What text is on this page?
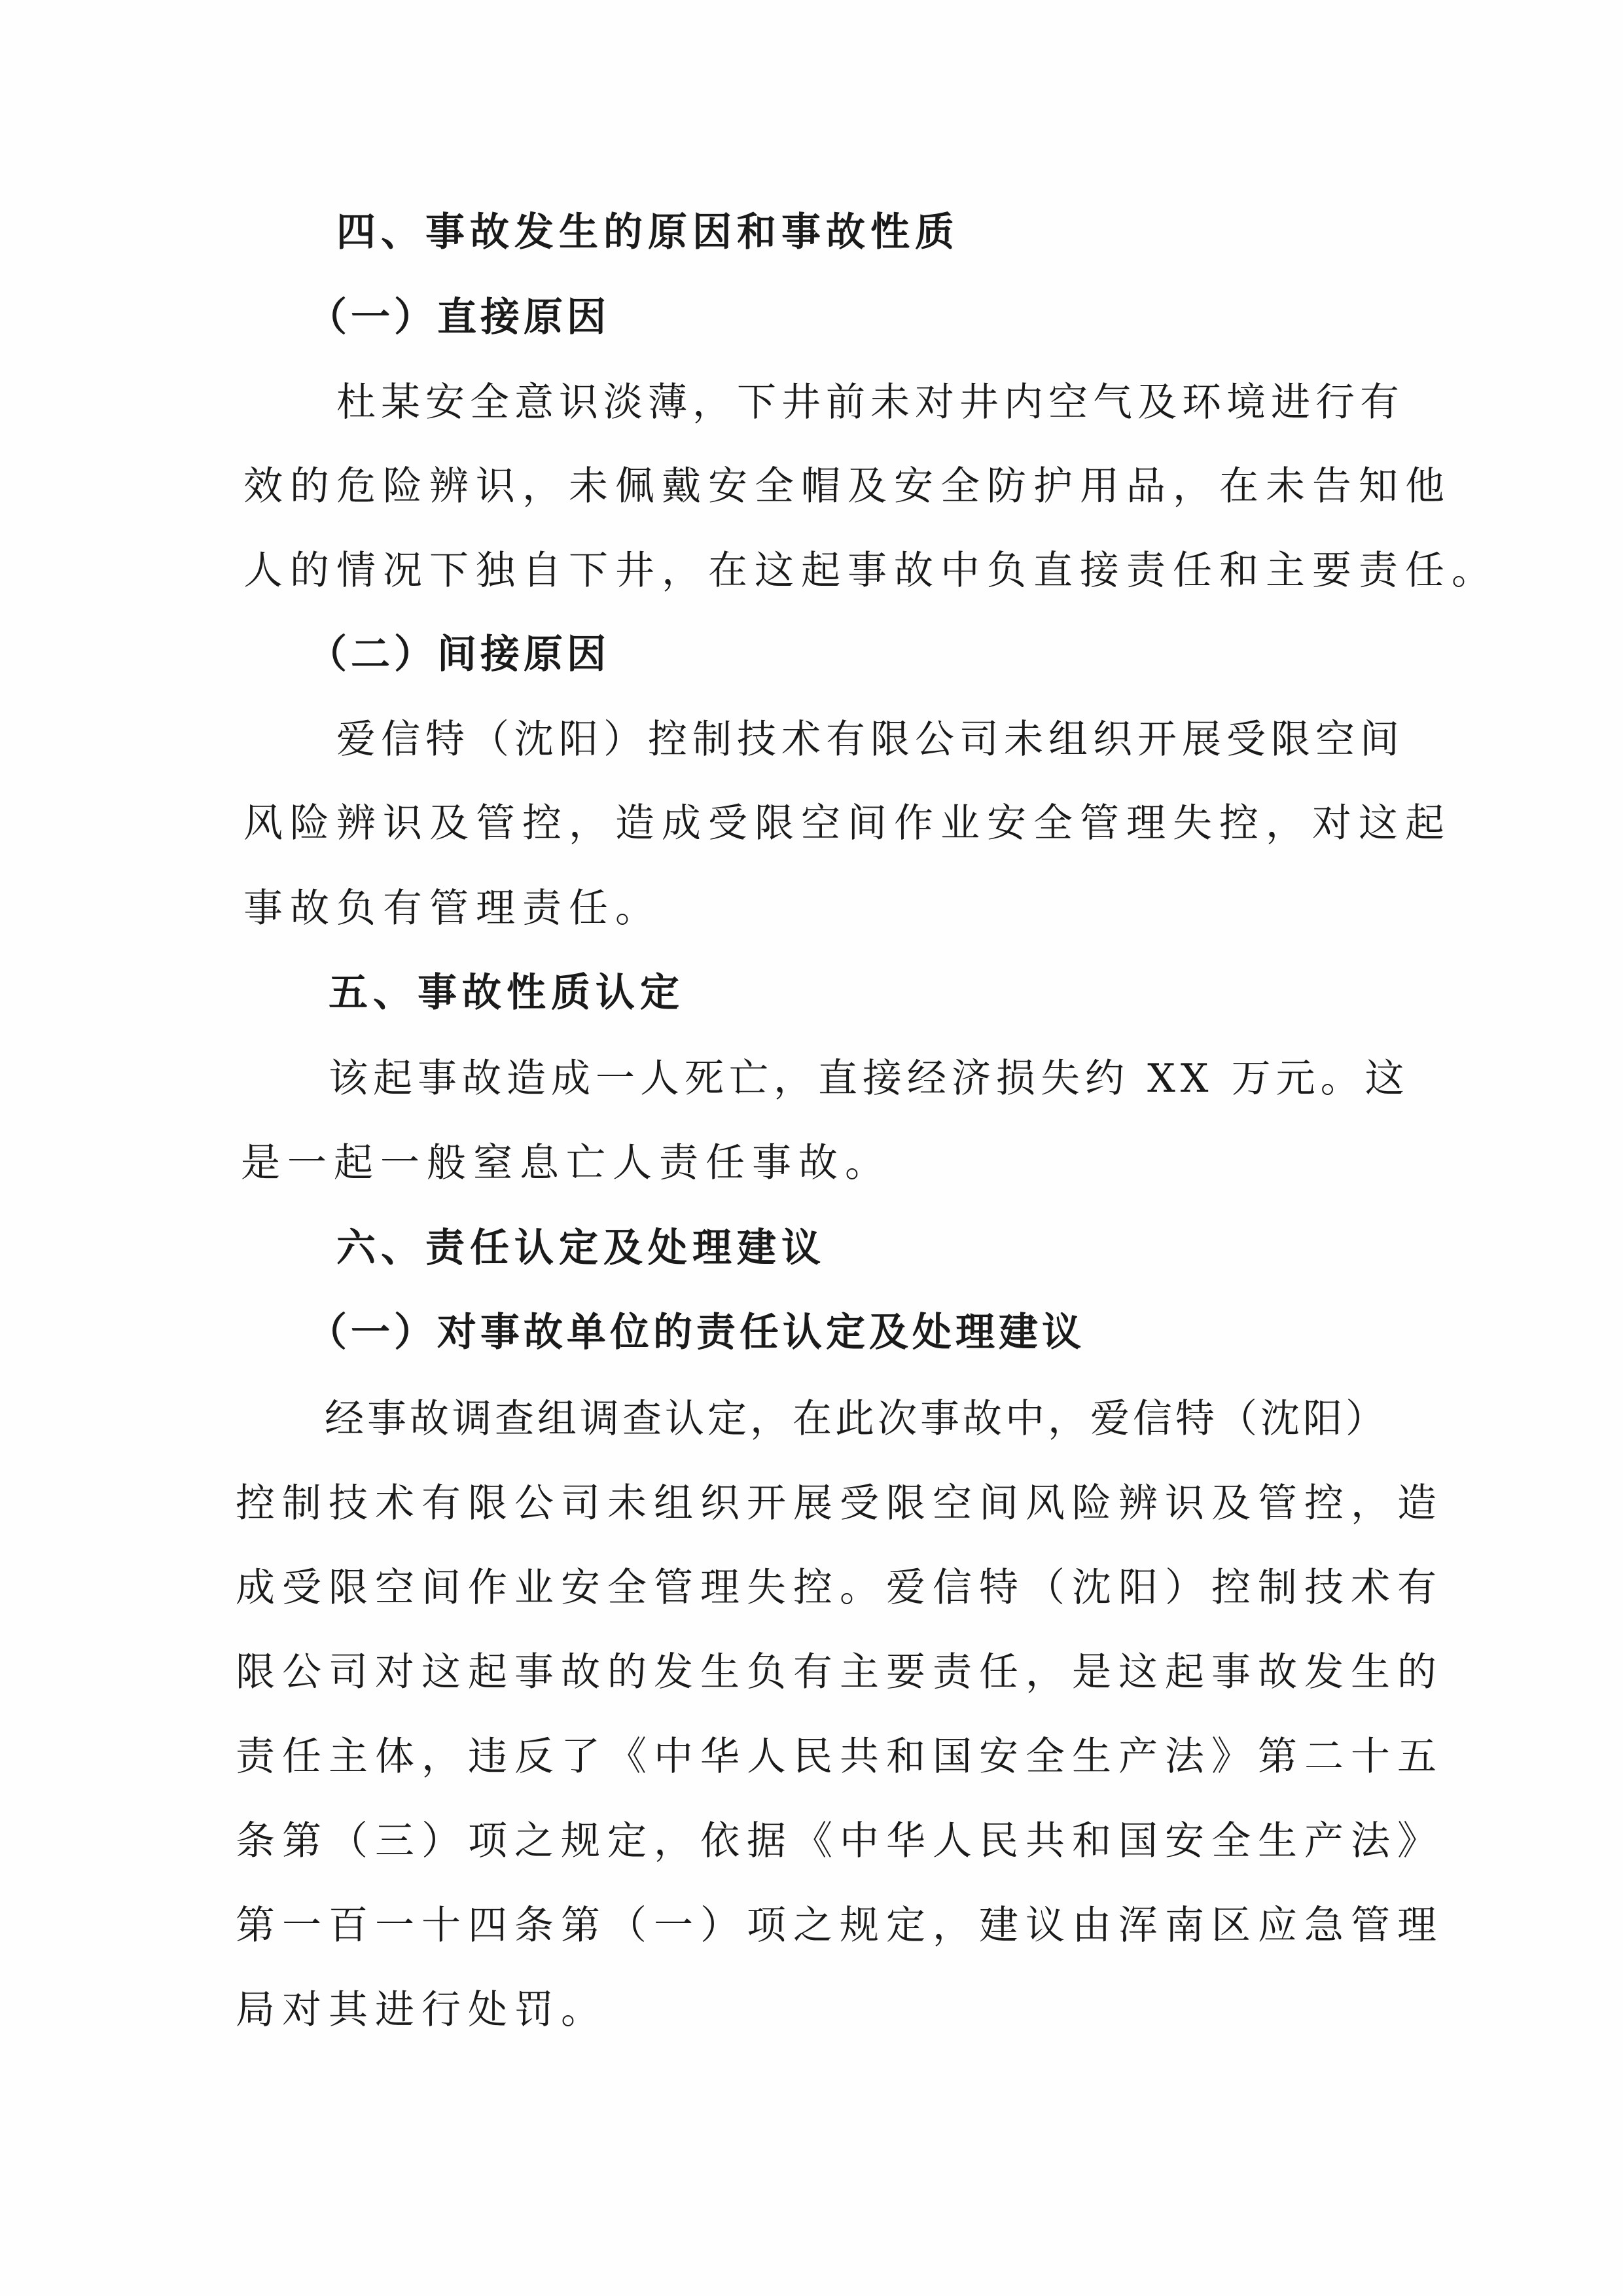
四、事故发生的原因和事故性质
（一）直接原因
杜某安全意识淡薄，下井前未对井内空气及环境进行有
效的危险辨识，未佩戴安全帽及安全防护用品，在未告知他
人的情况下独自下井，在这起事故中负直接责任和主要责任。
（二）间接原因
爱信特（沈阳）控制技术有限公司未组织开展受限空间
风险辨识及管控，造成受限空间作业安全管理失控，对这起
事故负有管理责任。
五、事故性质认定
该起事故造成一人死亡，直接经济损失约 XX 万元。这
是一起一般窒息亡人责任事故。
六、责任认定及处理建议
（一）对事故单位的责任认定及处理建议
经事故调查组调查认定，在此次事故中，爱信特（沈阳）
控制技术有限公司未组织开展受限空间风险辨识及管控，造
成受限空间作业安全管理失控。爱信特（沈阳）控制技术有
限公司对这起事故的发生负有主要责任，是这起事故发生的
责任主体，违反了《中华人民共和国安全生产法》第二十五
条第（三）项之规定，依据《中华人民共和国安全生产法》
第一百一十四条第（一）项之规定，建议由浑南区应急管理
局对其进行处罚。
